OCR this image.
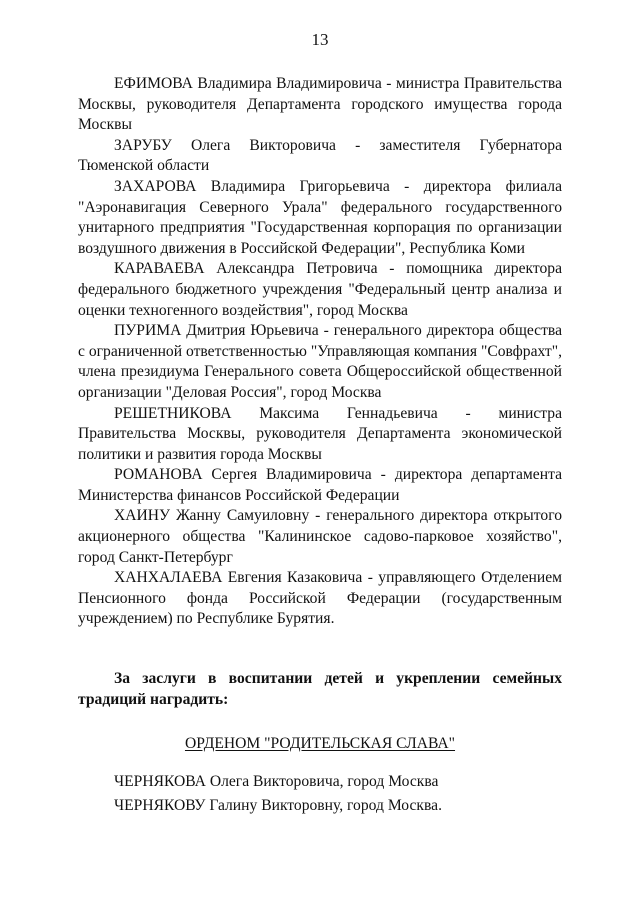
13

ЕФИМОВА Владимира Владимировича - министра Правительства Москвы, руководителя Департамента городского имущества города Москвы

ЗАРУБУ Олега Викторовича - заместителя Губернатора Тюменской области

ЗАХАРОВА Владимира Григорьевича - директора филиала "Аэронавигация Северного Урала" федерального государственного унитарного предприятия "Государственная корпорация по организации воздушного движения в Российской Федерации", Республика Коми

КАРАВАЕВА Александра Петровича - помощника директора федерального бюджетного учреждения "Федеральный центр анализа и оценки техногенного воздействия", город Москва

ПУРИМА Дмитрия Юрьевича - генерального директора общества с ограниченной ответственностью "Управляющая компания "Совфрахт", члена президиума Генерального совета Общероссийской общественной организации "Деловая Россия", город Москва

РЕШЕТНИКОВА Максима Геннадьевича - министра Правительства Москвы, руководителя Департамента экономической политики и развития города Москвы

РОМАНОВА Сергея Владимировича - директора департамента Министерства финансов Российской Федерации

ХАИНУ Жанну Самуиловну - генерального директора открытого акционерного общества "Калининское садово-парковое хозяйство", город Санкт-Петербург

ХАНХАЛАЕВА Евгения Казаковича - управляющего Отделением Пенсионного фонда Российской Федерации (государственным учреждением) по Республике Бурятия.

За заслуги в воспитании детей и укреплении семейных традиций наградить:

ОРДЕНОМ "РОДИТЕЛЬСКАЯ СЛАВА"

ЧЕРНЯКОВА Олега Викторовича, город Москва

ЧЕРНЯКОВУ Галину Викторовну, город Москва.
